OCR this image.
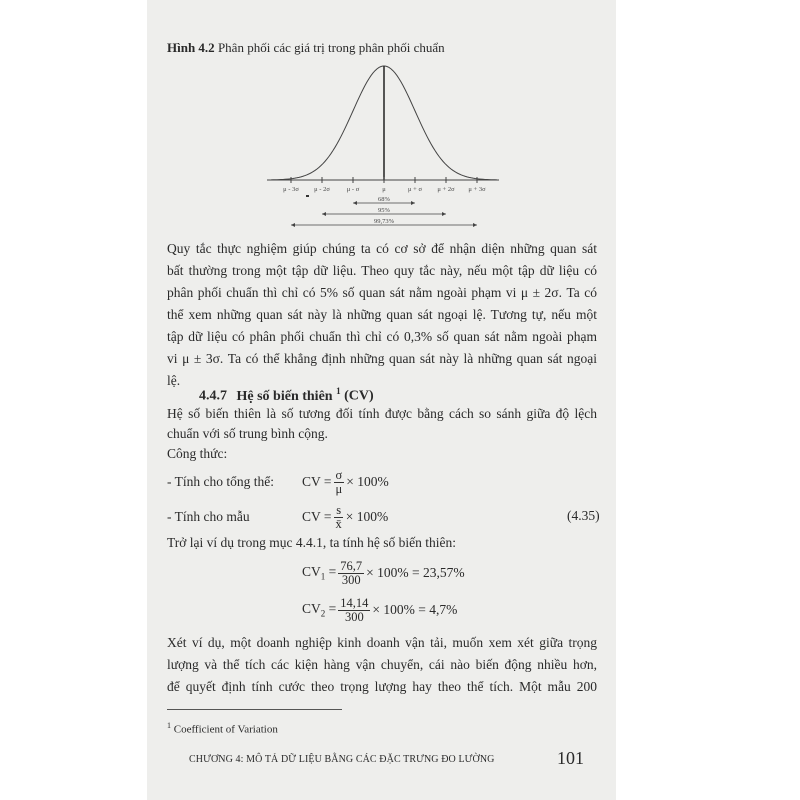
Hình 4.2 Phân phối các giá trị trong phân phối chuẩn
μ - 3σ μ - 2σ	μ - σ	μ	μ + σ μ + 2σ μ + 3σ
68%
95%
99,73%
Quy tắc thực nghiệm giúp chúng ta có cơ sở để nhận diện những quan sát
bất thường trong một tập dữ liệu. Theo quy tắc này, nếu một tập dữ liệu có
phân phối chuẩn thì chỉ có 5% số quan sát nằm ngoài phạm vi μ ± 2σ. Ta có
thể xem những quan sát này là những quan sát ngoại lệ. Tương tự, nếu một
tập dữ liệu có phân phối chuẩn thì chỉ có 0,3% số quan sát nằm ngoài phạm
vi μ ± 3σ. Ta có thể khẳng định những quan sát này là những quan sát ngoại
lệ.
4.4.7 Hệ số biến thiên $^1$ (CV)
Hệ số biến thiên là số tương đối tính được bằng cách so sánh giữa độ lệch
chuẩn với số trung bình cộng.
Công thức:
- Tính cho tổng thể:	CV = $\frac{\sigma}{\mu} \times 100\%$
- Tính cho mẫu	CV = $\frac{s}{x̄} \times 100\%$	(4.35)
Trở lại ví dụ trong mục 4.4.1, ta tính hệ số biến thiên:
$CV_1 = \frac{76,7}{300} \times 100\% = 23,57\%$
$CV_2 = \frac{14,14}{300} \times 100\% = 4,7\%$
Xét ví dụ, một doanh nghiệp kinh doanh vận tải, muốn xem xét giữa trọng
lượng và thể tích các kiện hàng vận chuyển, cái nào biến động nhiều hơn,
để quyết định tính cước theo trọng lượng hay theo thể tích. Một mẫu 200
$^1$ Coefficient of Variation
CHƯƠNG 4: MÔ TẢ DỮ LIỆU BẰNG CÁC ĐẶC TRƯNG ĐO LƯỜNG	101
